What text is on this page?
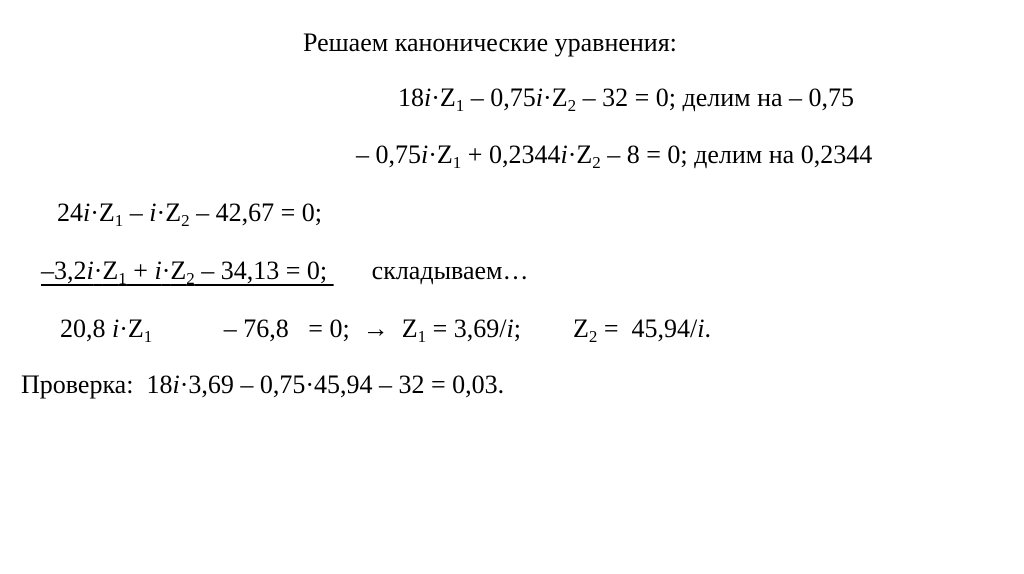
Решаем канонические уравнения:
$18i\cdot Z_1 - 0,75i\cdot Z_2 - 32 = 0$; делим на – 0,75
– $0,75i\cdot Z_1 + 0,2344i\cdot Z_2 - 8 = 0$; делим на 0,2344
$24i\cdot Z_1 - i\cdot Z_2 - 42,67 = 0$;
$-3,2i\cdot Z_1 + i\cdot Z_2 - 34,13 = 0$; складываем…
20,8 $i\cdot Z_1$           – 76,8   = 0;  →  $Z_1 = 3,69/i$; $Z_2 = 45,94/i$.
Проверка:  18i·3,69 – 0,75·45,94 – 32 = 0,03.
